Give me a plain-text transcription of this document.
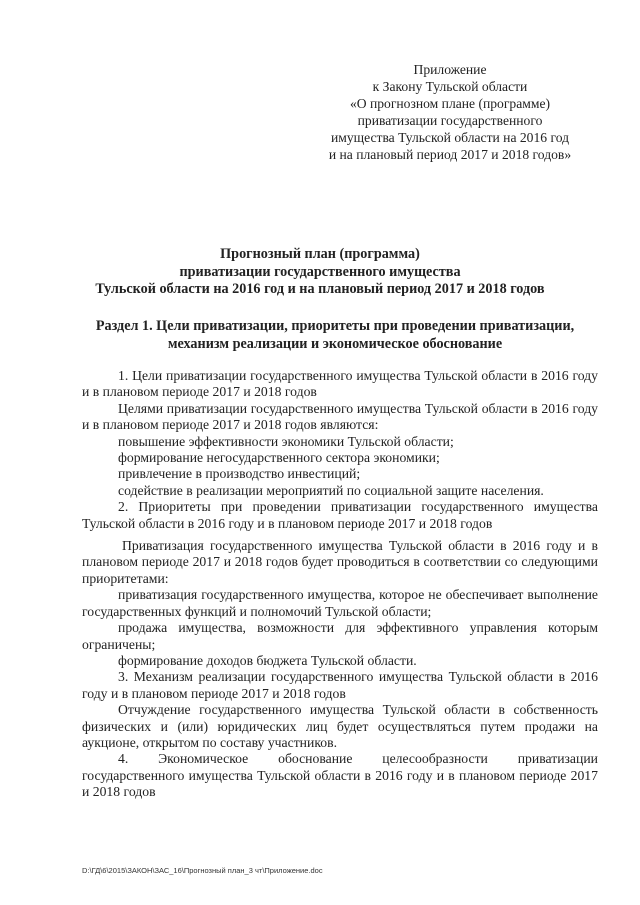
Приложение
к Закону Тульской области
«О прогнозном плане (программе)
приватизации государственного
имущества Тульской области на 2016 год
и на плановый период 2017 и 2018 годов»
Прогнозный план (программа)
приватизации государственного имущества
Тульской области на 2016 год и на плановый период 2017 и 2018 годов
Раздел 1. Цели приватизации, приоритеты при проведении приватизации,
механизм реализации и экономическое обоснование

1. Цели приватизации государственного имущества Тульской области в 2016 году и в плановом периоде 2017 и 2018 годов

Целями приватизации государственного имущества Тульской области в 2016 году и в плановом периоде 2017 и 2018 годов являются:

повышение эффективности экономики Тульской области;

формирование негосударственного сектора экономики;

привлечение в производство инвестиций;

содействие в реализации мероприятий по социальной защите населения.

2. Приоритеты при проведении приватизации государственного имущества Тульской области в 2016 году и в плановом периоде 2017 и 2018 годов

Приватизация государственного имущества Тульской области в 2016 году и в плановом периоде 2017 и 2018 годов будет проводиться в соответствии со следующими приоритетами:

приватизация государственного имущества, которое не обеспечивает выполнение государственных функций и полномочий Тульской области;

продажа имущества, возможности для эффективного управления которым ограничены;

формирование доходов бюджета Тульской области.

3. Механизм реализации государственного имущества Тульской области в 2016 году и в плановом периоде 2017 и 2018 годов

Отчуждение государственного имущества Тульской области в собственность физических и (или) юридических лиц будет осуществляться путем продажи на аукционе, открытом по составу участников.

4. Экономическое обоснование целесообразности приватизации государственного имущества Тульской области в 2016 году и в плановом периоде 2017 и 2018 годов

D:\ГД\6\2015\ЗАКОН\ЗАС_16\Прогнозный план_3 чт\Приложение.doc
